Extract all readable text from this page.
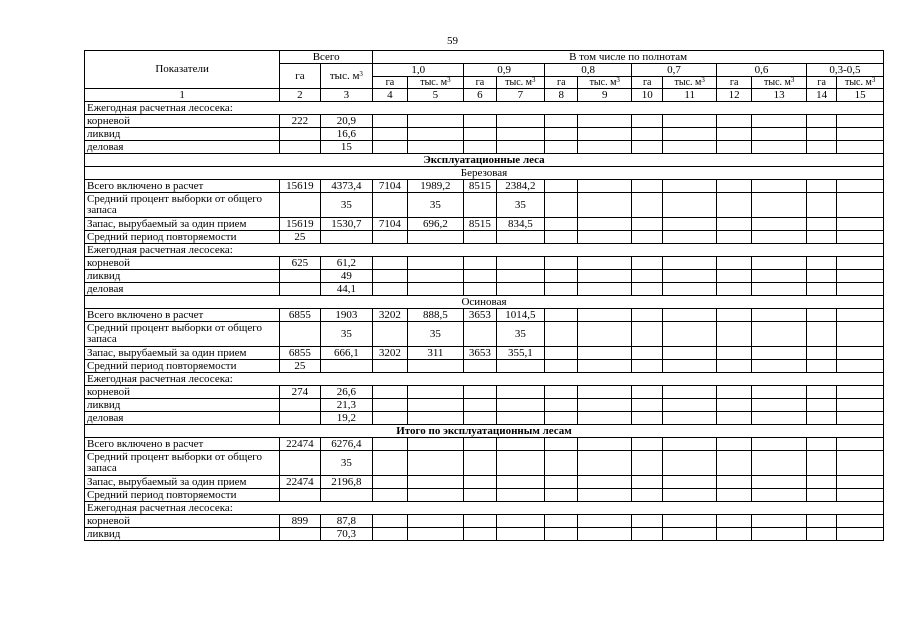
59
Показатели	Всего		В том числе по полнотам											
	га	тыс. $м^3$	1,0		0,9		0,8		0,7		0,6		0,3-0,5	
			га	тыс. $м^3$	га	тыс. $м^3$	га	тыс. $м^3$	га	тыс. $м^3$	га	тыс. $м^3$	га	тыс. $м^3$
1	2	3	4	5	6	7	8	9	10	11	12	13	14	15
Ежегодная расчетная лесосека:														
корневой	222	20,9												
ликвид		16,6												
деловая		15												
Эксплуатационные леса														
Березовая														
Всего включено в расчет	15619	4373,4	7104	1989,2	8515	2384,2								
Средний процент выборки от общего запаса		35		35		35								
Запас, вырубаемый за один прием	15619	1530,7	7104	696,2	8515	834,5								
Средний период повторяемости	25													
Ежегодная расчетная лесосека:														
корневой	625	61,2												
ликвид		49												
деловая		44,1												
Осиновая														
Всего включено в расчет	6855	1903	3202	888,5	3653	1014,5								
Средний процент выборки от общего запаса		35		35		35								
Запас, вырубаемый за один прием	6855	666,1	3202	311	3653	355,1								
Средний период повторяемости	25													
Ежегодная расчетная лесосека:														
корневой	274	26,6												
ликвид		21,3												
деловая		19,2												
Итого по эксплуатационным лесам														
Всего включено в расчет	22474	6276,4												
Средний процент выборки от общего запаса		35												
Запас, вырубаемый за один прием	22474	2196,8												
Средний период повторяемости														
Ежегодная расчетная лесосека:														
корневой	899	87,8												
ликвид		70,3												
